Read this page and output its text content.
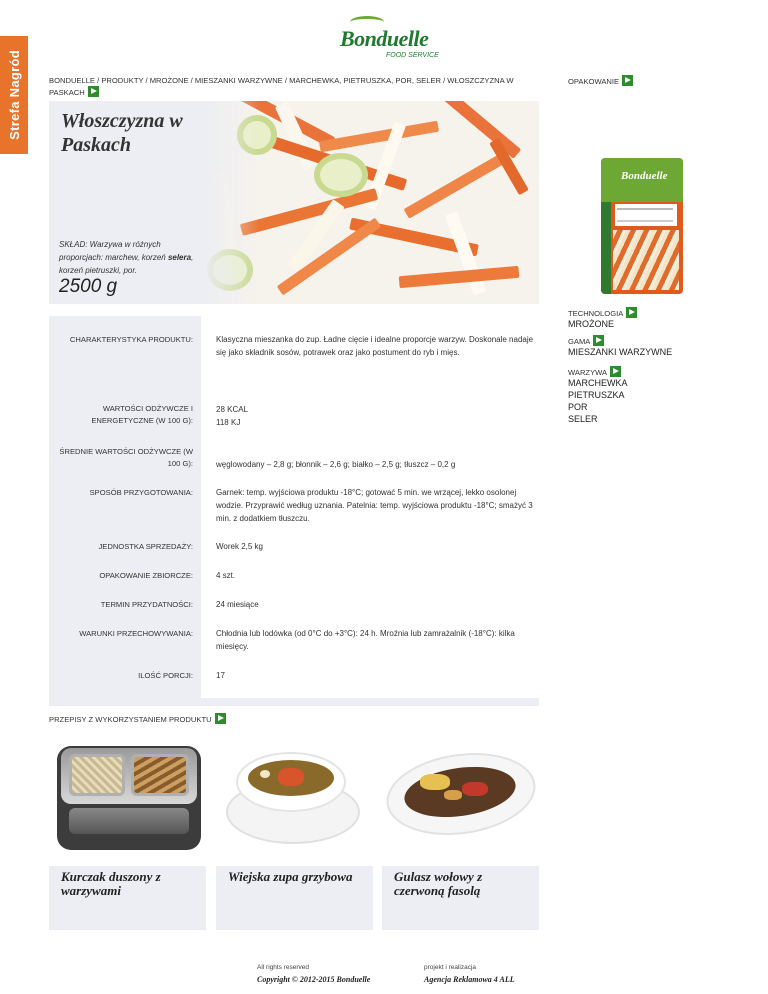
Strefa Nagród
Bonduelle
FOOD SERVICE
BONDUELLE / PRODUKTY / MROŻONE / MIESZANKI WARZYWNE / MARCHEWKA, PIETRUSZKA, POR, SELER / WŁOSZCZYZNA W PASKACH
OPAKOWANIE
Włoszczyzna w Paskach
SKŁAD: Warzywa w różnych proporcjach: marchew, korzeń selera, korzeń pietruszki, por.
2500 g
Bonduelle
TECHNOLOGIA
MROŻONE
GAMA
MIESZANKI WARZYWNE
WARZYWA
MARCHEWKA
PIETRUSZKA
POR
SELER
CHARAKTERYSTYKA PRODUKTU:	Klasyczna mieszanka do zup. Ładne cięcie i idealne proporcje warzyw. Doskonale nadaje się jako składnik sosów, potrawek oraz jako postument do ryb i mięs.
WARTOŚCI ODŻYWCZE I ENERGETYCZNE (W 100 G):
28 KCAL
118 KJ
ŚREDNIE WARTOŚCI ODŻYWCZE (W 100 G):	węglowodany – 2,8 g; błonnik – 2,6 g; białko – 2,5 g; tłuszcz – 0,2 g
SPOSÓB PRZYGOTOWANIA:	Garnek: temp. wyjściowa produktu -18°C; gotować 5 min. we wrzącej, lekko osolonej wodzie. Przyprawić według uznania. Patelnia: temp. wyjściowa produktu -18°C; smażyć 3 min. z dodatkiem tłuszczu.
JEDNOSTKA SPRZEDAŻY:	Worek 2,5 kg
OPAKOWANIE ZBIORCZE:	4 szt.
TERMIN PRZYDATNOŚCI:	24 miesiące
WARUNKI PRZECHOWYWANIA:	Chłodnia lub lodówka (od 0°C do +3°C): 24 h. Mroźnia lub zamrażalnik (-18°C): kilka miesięcy.
ILOŚĆ PORCJI:	17
PRZEPISY Z WYKORZYSTANIEM PRODUKTU
Kurczak duszony z warzywami
Wiejska zupa grzybowa	Gulasz wołowy z czerwoną fasolą
All rights reserved
Copyright © 2012-2015 Bonduelle
projekt i realizacja
Agencja Reklamowa 4 ALL
